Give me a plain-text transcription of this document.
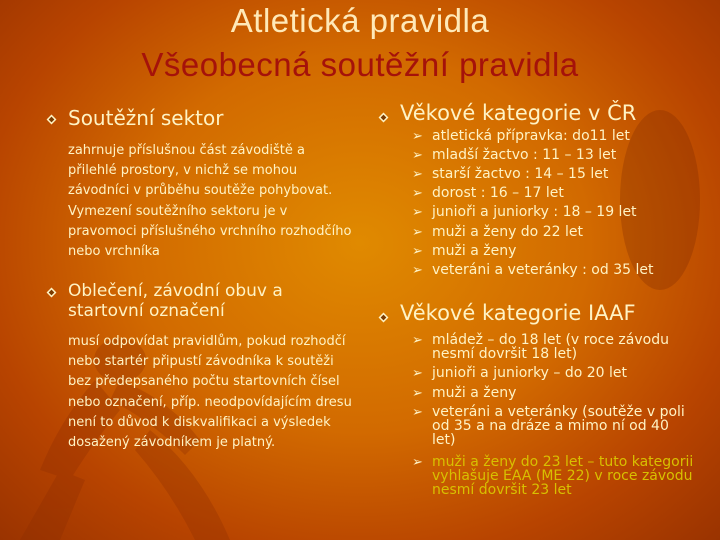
Atletická pravidla
Všeobecná soutěžní pravidla
Soutěžní sektor
zahrnuje příslušnou část závodiště a přilehlé prostory, v nichž se mohou závodníci v průběhu soutěže pohybovat. Vymezení soutěžního sektoru je v pravomoci příslušného vrchního rozhodčího nebo vrchníka
Oblečení, závodní obuv a startovní označení
musí odpovídat pravidlům, pokud rozhodčí nebo startér připustí závodníka k soutěži bez předepsaného počtu startovních čísel nebo označení, příp. neodpovídajícím dresu není to důvod k diskvalifikaci a výsledek dosažený závodníkem je platný.
Věkové kategorie v ČR
➢ atletická přípravka: do11 let
➢ mladší žactvo : 11 – 13 let
➢ starší žactvo : 14 – 15 let
➢ dorost : 16 – 17 let
➢ junioři a juniorky : 18 – 19 let
➢ muži a ženy do 22 let
➢ muži a ženy
➢ veteráni a veteránky : od 35 let
Věkové kategorie IAAF
➢ mládež – do 18 let (v roce závodu nesmí dovršit 18 let)
➢ junioři a juniorky – do 20 let
➢ muži a ženy
➢ veteráni a veteránky (soutěže v poli od 35 a na dráze a mimo ní od 40 let)
➢ muži a ženy do 23 let – tuto kategorii vyhlašuje EAA (ME 22) v roce závodu nesmí dovršit 23 let
